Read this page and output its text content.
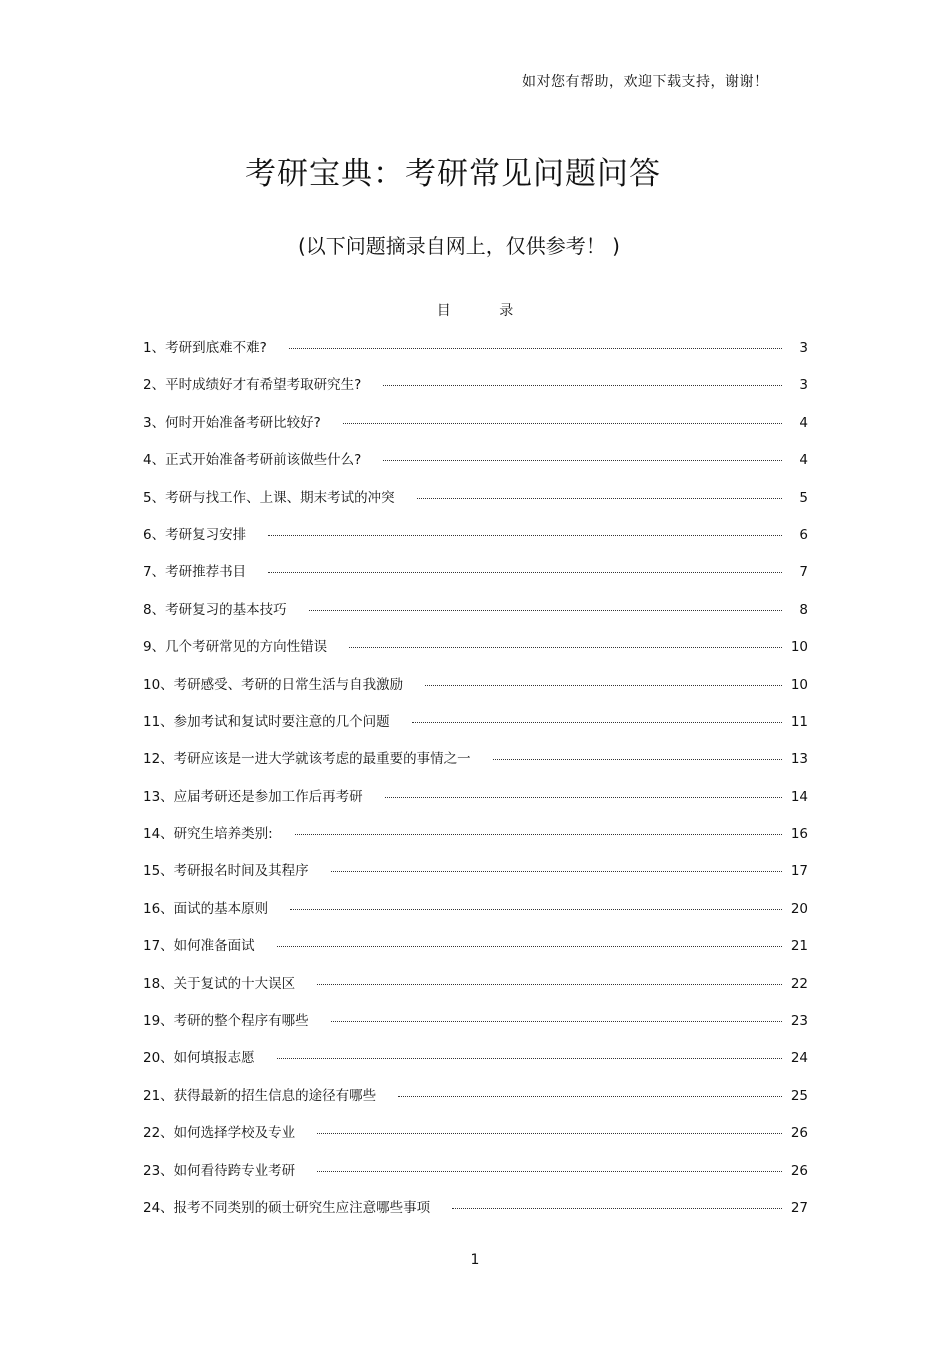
如对您有帮助，欢迎下载支持，谢谢！
考研宝典：考研常见问题问答
(以下问题摘录自网上，仅供参考！ )
目 录
1、考研到底难不难?	3
2、平时成绩好才有希望考取研究生?	3
3、何时开始准备考研比较好?	4
4、正式开始准备考研前该做些什么?	4
5、考研与找工作、上课、期末考试的冲突	5
6、考研复习安排	6
7、考研推荐书目	7
8、考研复习的基本技巧	8
9、几个考研常见的方向性错误	10
10、考研感受、考研的日常生活与自我激励	10
11、参加考试和复试时要注意的几个问题	11
12、考研应该是一进大学就该考虑的最重要的事情之一	13
13、应届考研还是参加工作后再考研	14
14、研究生培养类别:	16
15、考研报名时间及其程序	17
16、面试的基本原则	20
17、如何准备面试	21
18、关于复试的十大误区	22
19、考研的整个程序有哪些	23
20、如何填报志愿	24
21、获得最新的招生信息的途径有哪些	25
22、如何选择学校及专业	26
23、如何看待跨专业考研	26
24、报考不同类别的硕士研究生应注意哪些事项	27
1
